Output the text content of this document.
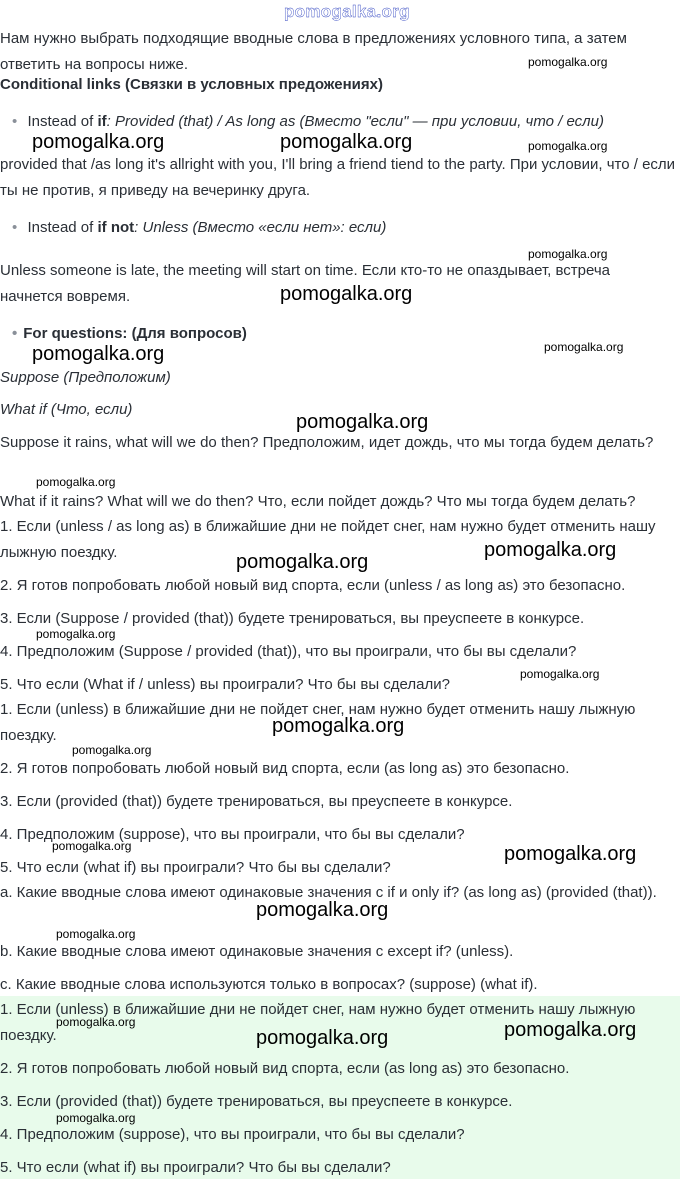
pomogalka.org
Нам нужно выбрать подходящие вводные слова в предложениях условного типа, а затем ответить на вопросы ниже.
Conditional links (Связки в условных предожениях)
• Instead of if: Provided (that) / As long as (Вместо "если" — при условии, что / если)
provided that /as long it's allright with you, I'll bring a friend tiend to the party. При условии, что / если ты не против, я приведу на вечеринку друга.
• Instead of if not: Unless (Вместо «если нет»: если)
Unless someone is late, the meeting will start on time. Если кто-то не опаздывает, встреча начнется вовремя.
• For questions: (Для вопросов)
Suppose (Предположим)
What if (Что, если)
Suppose it rains, what will we do then? Предположим, идет дождь, что мы тогда будем делать?
What if it rains? What will we do then? Что, если пойдет дождь? Что мы тогда будем делать?
1. Если (unless / as long as) в ближайшие дни не пойдет снег, нам нужно будет отменить нашу лыжную поездку.
2. Я готов попробовать любой новый вид спорта, если (unless / as long as) это безопасно.
3. Если (Suppose / provided (that)) будете тренироваться, вы преуспеете в конкурсе.
4. Предположим (Suppose / provided (that)), что вы проиграли, что бы вы сделали?
5. Что если (What if / unless) вы проиграли? Что бы вы сделали?
1. Если (unless) в ближайшие дни не пойдет снег, нам нужно будет отменить нашу лыжную поездку.
2. Я готов попробовать любой новый вид спорта, если (as long as) это безопасно.
3. Если (provided (that)) будете тренироваться, вы преуспеете в конкурсе.
4. Предположим (suppose), что вы проиграли, что бы вы сделали?
5. Что если (what if) вы проиграли? Что бы вы сделали?
a. Какие вводные слова имеют одинаковые значения с if и only if? (as long as) (provided (that)).
b. Какие вводные слова имеют одинаковые значения с except if? (unless).
c. Какие вводные слова используются только в вопросах? (suppose) (what if).
1. Если (unless) в ближайшие дни не пойдет снег, нам нужно будет отменить нашу лыжную поездку.
2. Я готов попробовать любой новый вид спорта, если (as long as) это безопасно.
3. Если (provided (that)) будете тренироваться, вы преуспеете в конкурсе.
4. Предположим (suppose), что вы проиграли, что бы вы сделали?
5. Что если (what if) вы проиграли? Что бы вы сделали?
pomogalka.org
pomogalka.org	pomogalka.org	pomogalka.org
pomogalka.org
pomogalka.org
pomogalka.org	pomogalka.org
pomogalka.org
pomogalka.org
pomogalka.org
pomogalka.org
pomogalka.org
pomogalka.org
pomogalka.org
pomogalka.org
pomogalka.org	pomogalka.org
pomogalka.org
pomogalka.org
pomogalka.org	pomogalka.org
pomogalka.org
pomogalka.org
